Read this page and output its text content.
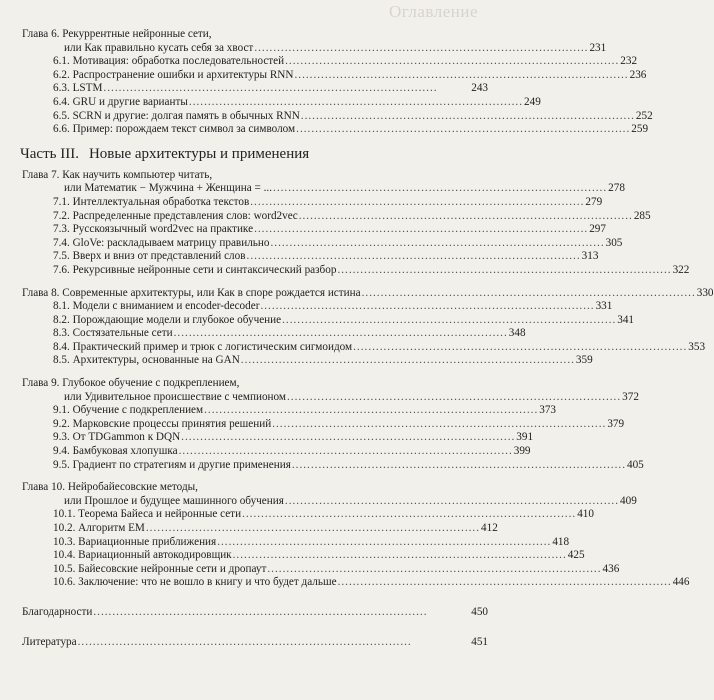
Оглавление
Глава 6. Рекуррентные нейронные сети,
или Как правильно кусать себя за хвост ........................................................................................ 231
6.1. Мотивация: обработка последовательностей ........................................................................................ 232
6.2. Распространение ошибки и архитектуры RNN ........................................................................................ 236
6.3. LSTM ........................................................................................	243
6.4. GRU и другие варианты ........................................................................................ 249
6.5. SCRN и другие: долгая память в обычных RNN ........................................................................................ 252
6.6. Пример: порождаем текст символ за символом ........................................................................................ 259
Часть III. Новые архитектуры и применения
Глава 7. Как научить компьютер читать,
или Математик − Мужчина + Женщина = ... ........................................................................................ 278
7.1. Интеллектуальная обработка текстов ........................................................................................ 279
7.2. Распределенные представления слов: word2vec ........................................................................................ 285
7.3. Русскоязычный word2vec на практике ........................................................................................ 297
7.4. GloVe: раскладываем матрицу правильно ........................................................................................ 305
7.5. Вверх и вниз от представлений слов ........................................................................................ 313
7.6. Рекурсивные нейронные сети и синтаксический разбор ........................................................................................ 322
Глава 8. Современные архитектуры, или Как в споре рождается истина ........................................................................................ 330
8.1. Модели с вниманием и encoder-decoder ........................................................................................ 331
8.2. Порождающие модели и глубокое обучение ........................................................................................ 341
8.3. Состязательные сети ........................................................................................ 348
8.4. Практический пример и трюк с логистическим сигмоидом ........................................................................................ 353
8.5. Архитектуры, основанные на GAN ........................................................................................ 359
Глава 9. Глубокое обучение с подкреплением,
или Удивительное происшествие с чемпионом ........................................................................................ 372
9.1. Обучение с подкреплением ........................................................................................ 373
9.2. Марковские процессы принятия решений ........................................................................................ 379
9.3. От TDGammon к DQN ........................................................................................ 391
9.4. Бамбуковая хлопушка ........................................................................................ 399
9.5. Градиент по стратегиям и другие применения ........................................................................................ 405
Глава 10. Нейробайесовские методы,
или Прошлое и будущее машинного обучения ........................................................................................ 409
10.1. Теорема Байеса и нейронные сети ........................................................................................ 410
10.2. Алгоритм EM ........................................................................................ 412
10.3. Вариационные приближения ........................................................................................ 418
10.4. Вариационный автокодировщик ........................................................................................ 425
10.5. Байесовские нейронные сети и дропаут ........................................................................................ 436
10.6. Заключение: что не вошло в книгу и что будет дальше ........................................................................................ 446
Благодарности ........................................................................................	450
Литература ........................................................................................	451
